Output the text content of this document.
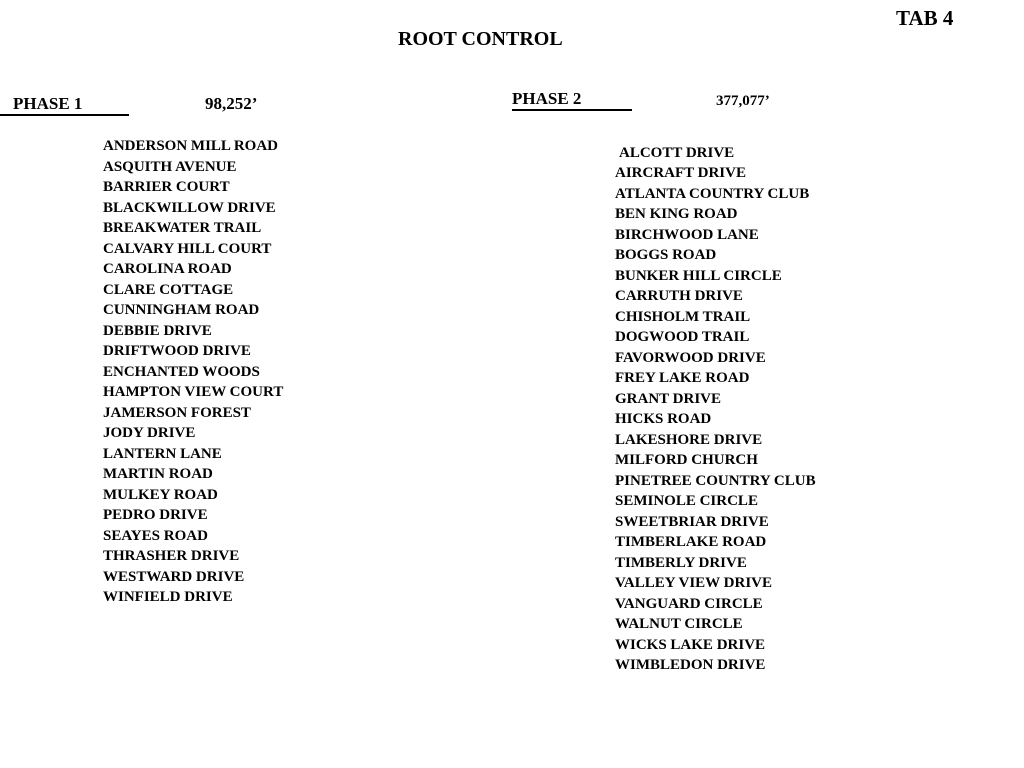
TAB 4
ROOT CONTROL
PHASE 1	98,252’
ANDERSON MILL ROAD
ASQUITH AVENUE
BARRIER COURT
BLACKWILLOW DRIVE
BREAKWATER TRAIL
CALVARY HILL COURT
CAROLINA ROAD
CLARE COTTAGE
CUNNINGHAM ROAD
DEBBIE DRIVE
DRIFTWOOD DRIVE
ENCHANTED WOODS
HAMPTON VIEW COURT
JAMERSON FOREST
JODY DRIVE
LANTERN LANE
MARTIN ROAD
MULKEY ROAD
PEDRO DRIVE
SEAYES ROAD
THRASHER DRIVE
WESTWARD DRIVE
WINFIELD DRIVE
PHASE 2	377,077’
ALCOTT DRIVE
AIRCRAFT DRIVE
ATLANTA COUNTRY CLUB
BEN KING ROAD
BIRCHWOOD LANE
BOGGS ROAD
BUNKER HILL CIRCLE
CARRUTH DRIVE
CHISHOLM TRAIL
DOGWOOD TRAIL
FAVORWOOD DRIVE
FREY LAKE ROAD
GRANT DRIVE
HICKS ROAD
LAKESHORE DRIVE
MILFORD CHURCH
PINETREE COUNTRY CLUB
SEMINOLE CIRCLE
SWEETBRIAR DRIVE
TIMBERLAKE ROAD
TIMBERLY DRIVE
VALLEY VIEW DRIVE
VANGUARD CIRCLE
WALNUT CIRCLE
WICKS LAKE DRIVE
WIMBLEDON DRIVE
